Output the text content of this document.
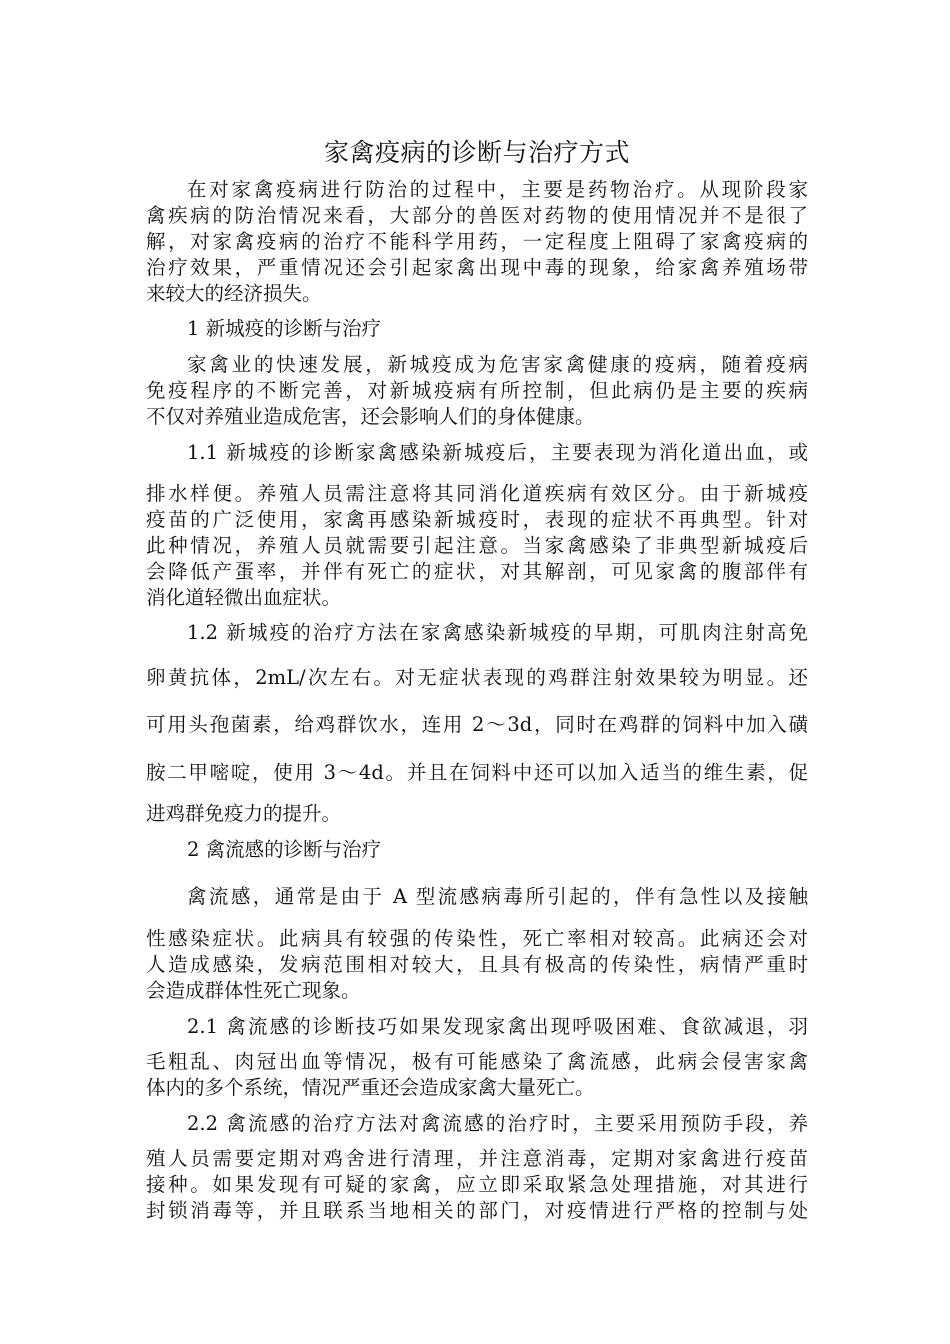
家禽疫病的诊断与治疗方式
在对家禽疫病进行防治的过程中，主要是药物治疗。从现阶段家
禽疾病的防治情况来看，大部分的兽医对药物的使用情况并不是很了
解，对家禽疫病的治疗不能科学用药，一定程度上阻碍了家禽疫病的
治疗效果，严重情况还会引起家禽出现中毒的现象，给家禽养殖场带
来较大的经济损失。
1 新城疫的诊断与治疗
家禽业的快速发展，新城疫成为危害家禽健康的疫病，随着疫病
免疫程序的不断完善，对新城疫病有所控制，但此病仍是主要的疾病
不仅对养殖业造成危害，还会影响人们的身体健康。
1.1 新城疫的诊断家禽感染新城疫后，主要表现为消化道出血，或
排水样便。养殖人员需注意将其同消化道疾病有效区分。由于新城疫
疫苗的广泛使用，家禽再感染新城疫时，表现的症状不再典型。针对
此种情况，养殖人员就需要引起注意。当家禽感染了非典型新城疫后
会降低产蛋率，并伴有死亡的症状，对其解剖，可见家禽的腹部伴有
消化道轻微出血症状。
1.2 新城疫的治疗方法在家禽感染新城疫的早期，可肌肉注射高免
卵黄抗体，2mL/次左右。对无症状表现的鸡群注射效果较为明显。还
可用头孢菌素，给鸡群饮水，连用 2～3d，同时在鸡群的饲料中加入磺
胺二甲嘧啶，使用 3～4d。并且在饲料中还可以加入适当的维生素，促
进鸡群免疫力的提升。
2 禽流感的诊断与治疗
禽流感，通常是由于 A 型流感病毒所引起的，伴有急性以及接触
性感染症状。此病具有较强的传染性，死亡率相对较高。此病还会对
人造成感染，发病范围相对较大，且具有极高的传染性，病情严重时
会造成群体性死亡现象。
2.1 禽流感的诊断技巧如果发现家禽出现呼吸困难、食欲减退，羽
毛粗乱、肉冠出血等情况，极有可能感染了禽流感，此病会侵害家禽
体内的多个系统，情况严重还会造成家禽大量死亡。
2.2 禽流感的治疗方法对禽流感的治疗时，主要采用预防手段，养
殖人员需要定期对鸡舍进行清理，并注意消毒，定期对家禽进行疫苗
接种。如果发现有可疑的家禽，应立即采取紧急处理措施，对其进行
封锁消毒等，并且联系当地相关的部门，对疫情进行严格的控制与处
